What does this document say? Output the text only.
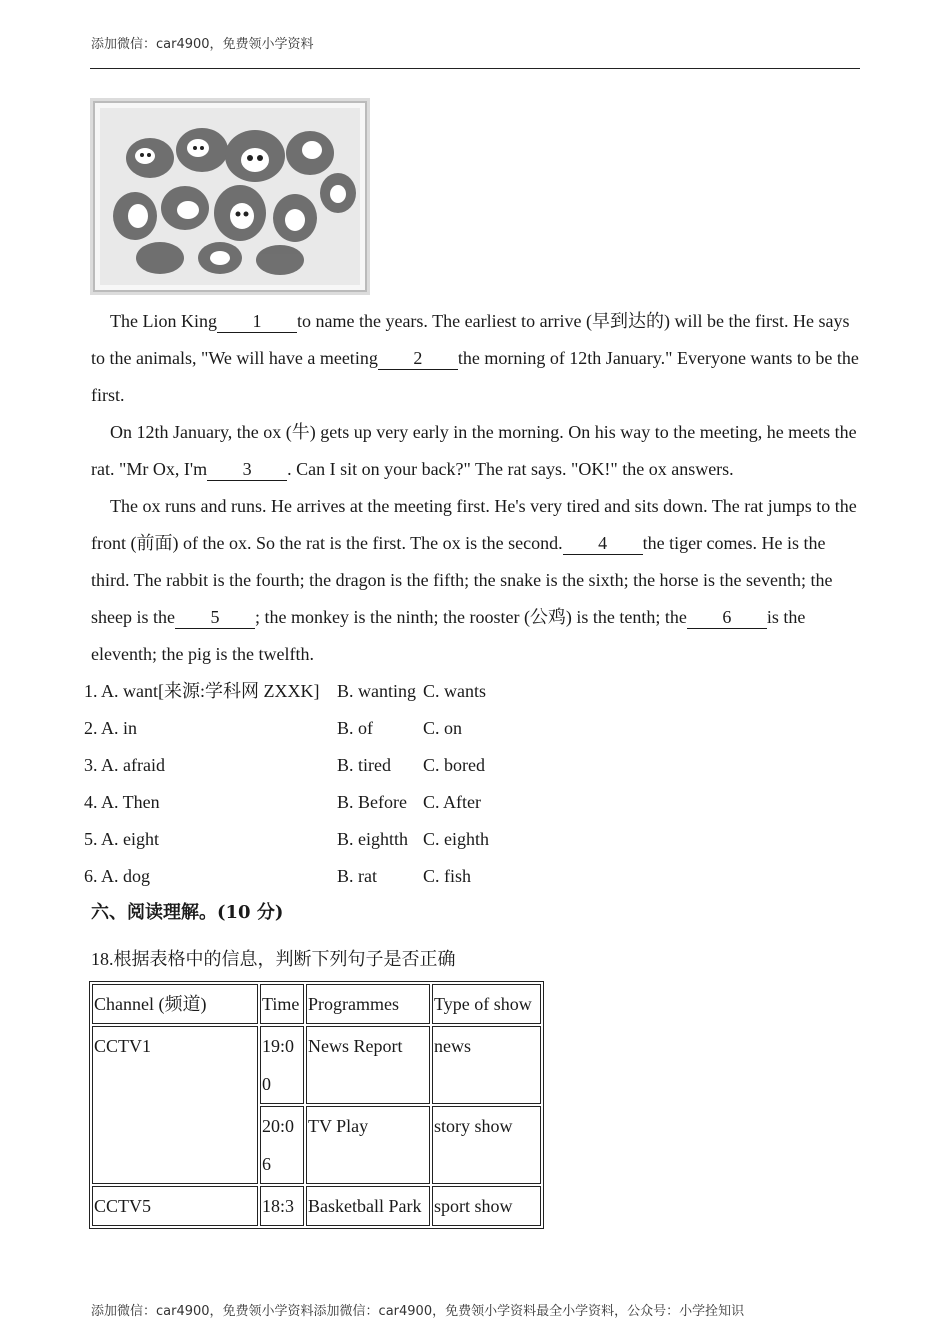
添加微信：car4900，免费领小学资料
The Lion King 1 to name the years. The earliest to arrive (早到达的) will be the first. He says to the animals, "We will have a meeting 2 the morning of 12th January." Everyone wants to be the first.
On 12th January, the ox (牛) gets up very early in the morning. On his way to the meeting, he meets the rat. "Mr Ox, I'm 3 . Can I sit on your back?" The rat says. "OK!" the ox answers.
The ox runs and runs. He arrives at the meeting first. He's very tired and sits down. The rat jumps to the front (前面) of the ox. So the rat is the first. The ox is the second. 4 the tiger comes. He is the third. The rabbit is the fourth; the dragon is the fifth; the snake is the sixth; the horse is the seventh; the sheep is the 5 ; the monkey is the ninth; the rooster (公鸡) is the tenth; the 6 is the eleventh; the pig is the twelfth.
1. A. want[来源:学科网 ZXXK] B. wanting C. wants
2. A. in	B. of	C. on
3. A. afraid	B. tired C. bored
4. A. Then	B. Before C. After
5. A. eight	B. eightth C. eighth
6. A. dog	B. rat	C. fish
六、阅读理解。(10 分)
18.根据表格中的信息，判断下列句子是否正确
Channel (频道)	Time	Programmes	Type of show
CCTV1	19:00	News Report	news
	20:06	TV Play	story show
CCTV5	18:3	Basketball Park	sport show
添加微信：car4900，免费领小学资料添加微信：car4900，免费领小学资料最全小学资料，公众号：小学拴知识
